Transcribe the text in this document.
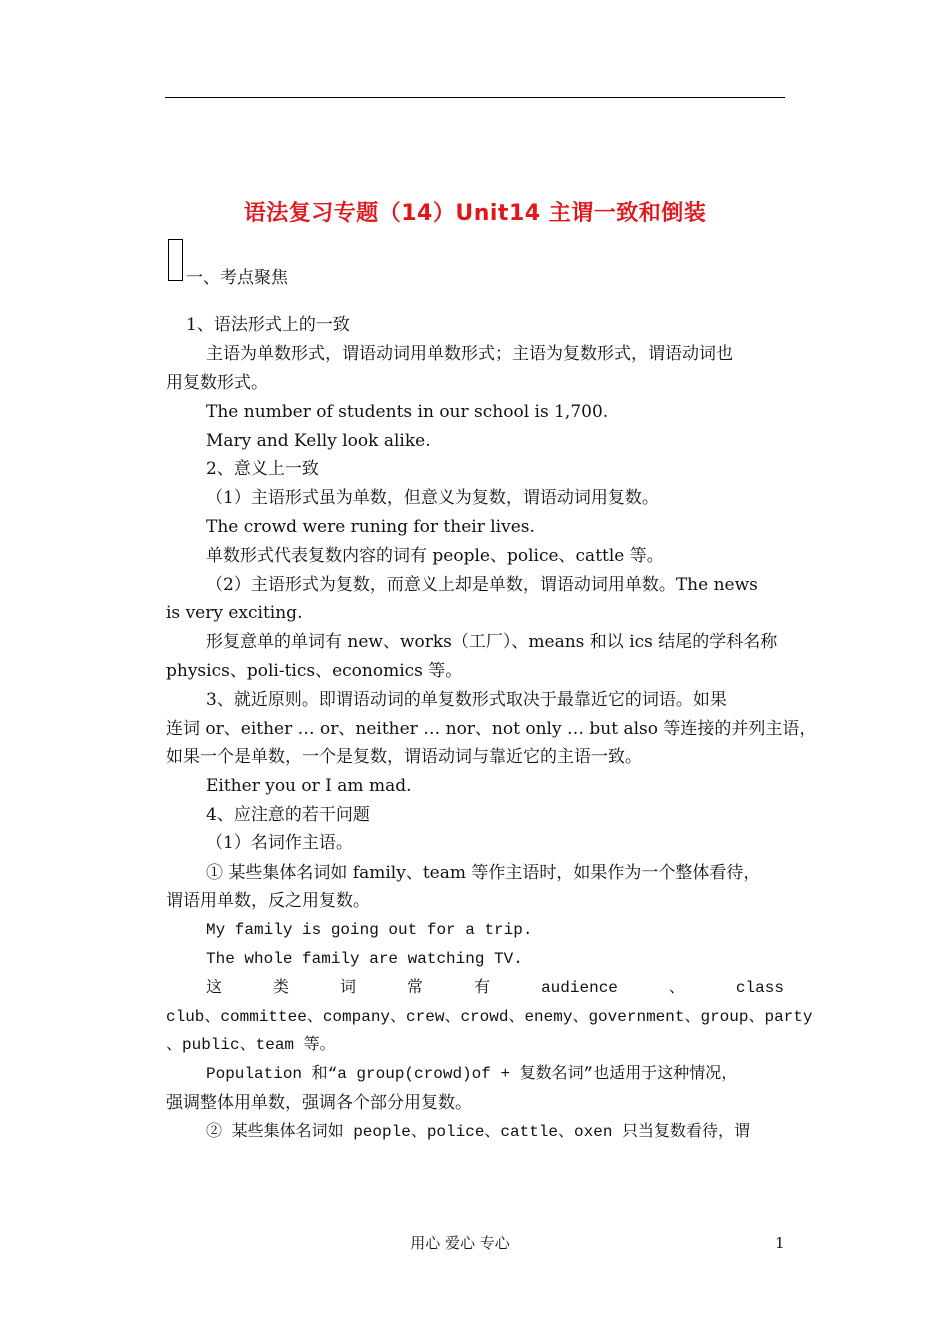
语法复习专题（14）Unit14 主谓一致和倒装
一、考点聚焦
1、语法形式上的一致
主语为单数形式，谓语动词用单数形式；主语为复数形式，谓语动词也
用复数形式。
The number of students in our school is 1,700.
Mary and Kelly look alike.
2、意义上一致
（1）主语形式虽为单数，但意义为复数，谓语动词用复数。
The crowd were runing for their lives.
单数形式代表复数内容的词有 people、police、cattle 等。
（2）主语形式为复数，而意义上却是单数，谓语动词用单数。The news
is very exciting.
形复意单的单词有 new、works（工厂）、means 和以 ics 结尾的学科名称
physics、poli-tics、economics 等。
3、就近原则。即谓语动词的单复数形式取决于最靠近它的词语。如果
连词 or、either … or、neither … nor、not only … but also 等连接的并列主语，
如果一个是单数，一个是复数，谓语动词与靠近它的主语一致。
Either you or I am mad.
4、应注意的若干问题
（1）名词作主语。
① 某些集体名词如 family、team 等作主语时，如果作为一个整体看待，
谓语用单数，反之用复数。
My family is going out for a trip.
The whole family are watching TV.
这	类	词	常	有	audience	、	class
club、committee、company、crew、crowd、enemy、government、group、party
、public、team 等。
Population 和“a group(crowd)of + 复数名词”也适用于这种情况，
强调整体用单数，强调各个部分用复数。
② 某些集体名词如 people、police、cattle、oxen 只当复数看待，谓
用心 爱心 专心	1
